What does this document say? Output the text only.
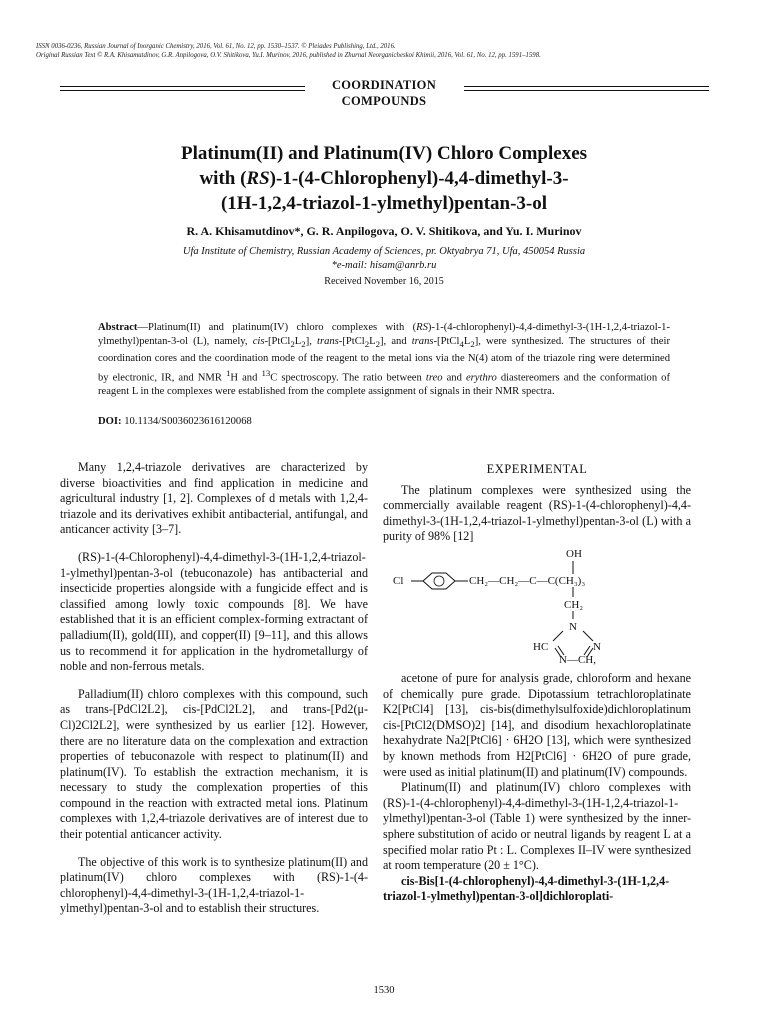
ISSN 0036-0236, Russian Journal of Inorganic Chemistry, 2016, Vol. 61, No. 12, pp. 1530–1537. © Pleiades Publishing, Ltd., 2016.
Original Russian Text © R.A. Khisamutdinov, G.R. Anpilogova, O.V. Shitikova, Yu.I. Murinov, 2016, published in Zhurnal Neorganicheskoi Khimii, 2016, Vol. 61, No. 12, pp. 1591–1598.
COORDINATION
COMPOUNDS
Platinum(II) and Platinum(IV) Chloro Complexes
with (RS)-1-(4-Chlorophenyl)-4,4-dimethyl-3-
(1H-1,2,4-triazol-1-ylmethyl)pentan-3-ol
R. A. Khisamutdinov*, G. R. Anpilogova, O. V. Shitikova, and Yu. I. Murinov
Ufa Institute of Chemistry, Russian Academy of Sciences, pr. Oktyabrya 71, Ufa, 450054 Russia
*e-mail: hisam@anrb.ru
Received November 16, 2015
Abstract—Platinum(II) and platinum(IV) chloro complexes with (RS)-1-(4-chlorophenyl)-4,4-dimethyl-3-(1H-1,2,4-triazol-1-ylmethyl)pentan-3-ol (L), namely, cis-$[PtCl_2L_2]$, trans-$[PtCl_2L_2]$, and trans-$[PtCl_4L_2]$, were synthesized. The structures of their coordination cores and the coordination mode of the reagent to the metal ions via the N(4) atom of the triazole ring were determined by electronic, IR, and NMR $^1$H and $^{13}$C spectroscopy. The ratio between treo and erythro diastereomers and the conformation of reagent L in the complexes were established from the complete assignment of signals in their NMR spectra.
DOI: 10.1134/S0036023616120068

Many 1,2,4-triazole derivatives are characterized by diverse bioactivities and find application in medicine and agricultural industry [1, 2]. Complexes of d metals with 1,2,4-triazole and its derivatives exhibit antibacterial, antifungal, and anticancer activity [3–7].

(RS)-1-(4-Chlorophenyl)-4,4-dimethyl-3-(1H-1,2,4-triazol-1-ylmethyl)pentan-3-ol (tebuconazole) has antibacterial and insecticide properties alongside with a fungicide effect and is classified among lowly toxic compounds [8]. We have established that it is an efficient complex-forming extractant of palladium(II), gold(III), and copper(II) [9–11], and this allows us to recommend it for application in the hydrometallurgy of noble and non-ferrous metals.

Palladium(II) chloro complexes with this compound, such as trans-[PdCl2L2], cis-[PdCl2L2], and trans-[Pd2(μ-Cl)2Cl2L2], were synthesized by us earlier [12]. However, there are no literature data on the complexation and extraction properties of tebuconazole with respect to platinum(II) and platinum(IV). To establish the extraction mechanism, it is necessary to study the complexation properties of this compound in the reaction with extracted metal ions. Platinum complexes with 1,2,4-triazole derivatives are of interest due to their potential anticancer activity.

The objective of this work is to synthesize platinum(II) and platinum(IV) chloro complexes with (RS)-1-(4-chlorophenyl)-4,4-dimethyl-3-(1H-1,2,4-triazol-1-ylmethyl)pentan-3-ol and to establish their structures.

EXPERIMENTAL

The platinum complexes were synthesized using the commercially available reagent (RS)-1-(4-chlorophenyl)-4,4-dimethyl-3-(1H-1,2,4-triazol-1-ylmethyl)pentan-3-ol (L) with a purity of 98% [12]

OH
Cl	CH₂—CH₂—C—C(CH₃)₃
CH₂
N
HC	N
N—CH,

acetone of pure for analysis grade, chloroform and hexane of chemically pure grade. Dipotassium tetrachloroplatinate K2[PtCl4] [13], cis-bis(dimethylsulfoxide)dichloroplatinum cis-[PtCl2(DMSO)2] [14], and disodium hexachloroplatinate hexahydrate Na2[PtCl6] · 6H2O [13], which were synthesized by known methods from H2[PtCl6] · 6H2O of pure grade, were used as initial platinum(II) and platinum(IV) compounds.

Platinum(II) and platinum(IV) chloro complexes with (RS)-1-(4-chlorophenyl)-4,4-dimethyl-3-(1H-1,2,4-triazol-1-ylmethyl)pentan-3-ol (Table 1) were synthesized by the inner-sphere substitution of acido or neutral ligands by reagent L at a specified molar ratio Pt : L. Complexes II–IV were synthesized at room temperature (20 ± 1°C).

cis-Bis[1-(4-chlorophenyl)-4,4-dimethyl-3-(1H-1,2,4-triazol-1-ylmethyl)pentan-3-ol]dichloroplati-

1530
